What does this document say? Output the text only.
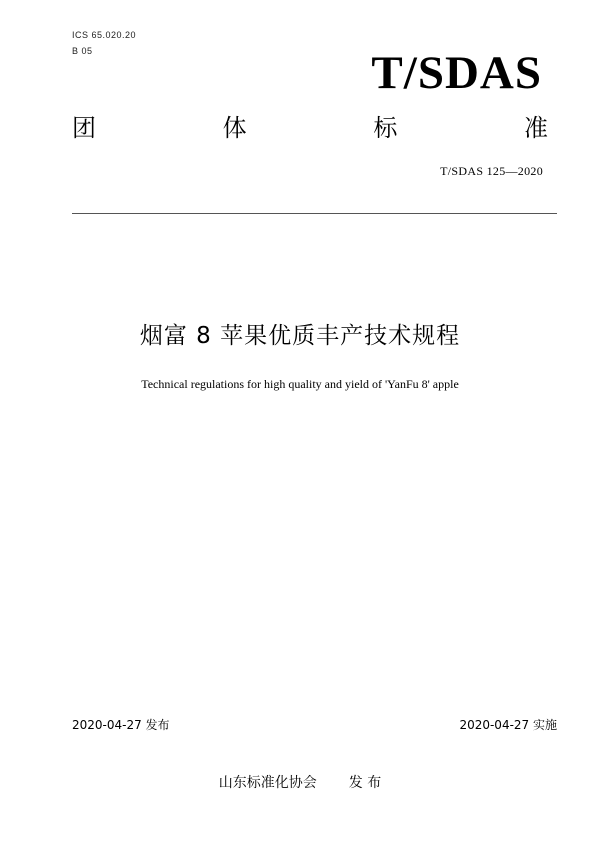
ICS 65.020.20
B 05	T/SDAS
团	体	标	准
T/SDAS 125—2020
烟富 8 苹果优质丰产技术规程
Technical regulations for high quality and yield of 'YanFu 8' apple
2020-04-27 发布	2020-04-27 实施
山东标准化协会 发 布
